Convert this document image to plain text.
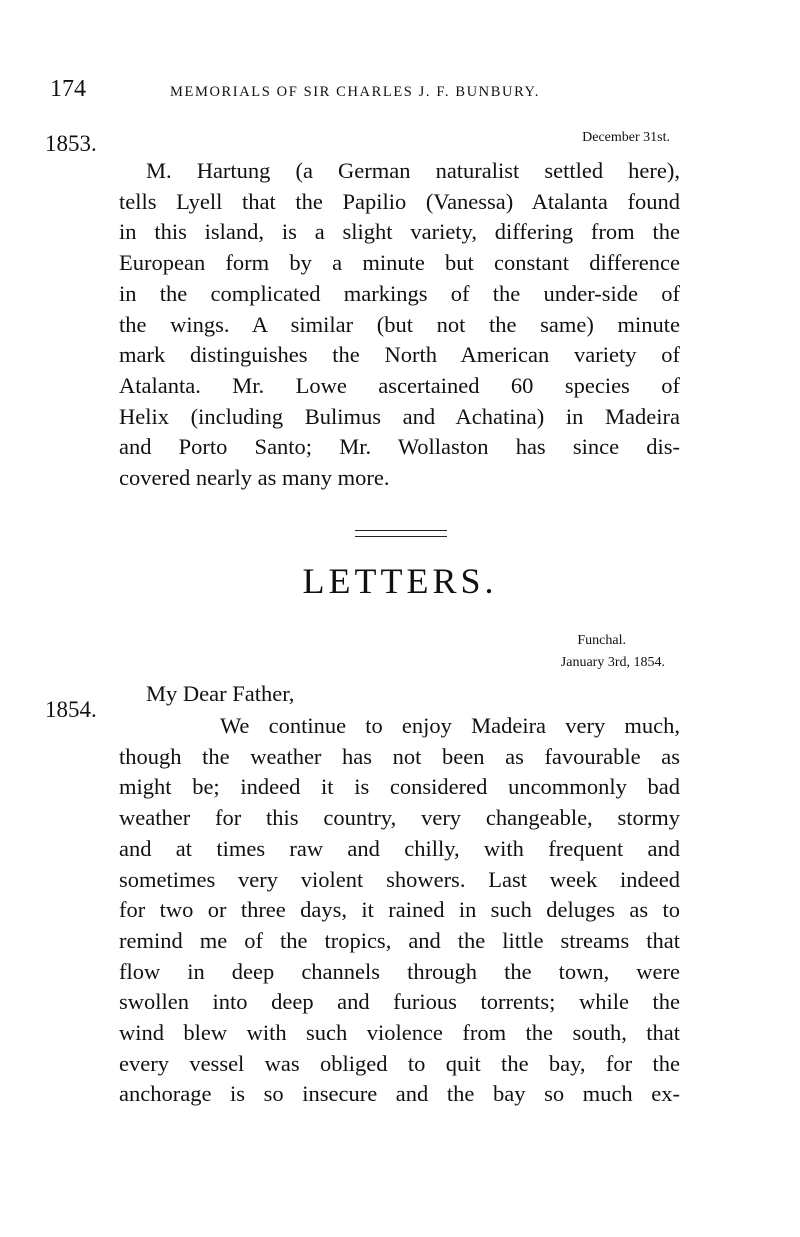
174	MEMORIALS OF SIR CHARLES J. F. BUNBURY.
1853.	December 31st.
M. Hartung (a German naturalist settled here),
tells Lyell that the Papilio (Vanessa) Atalanta found
in this island, is a slight variety, differing from the
European form by a minute but constant difference
in the complicated markings of the under-side of
the wings. A similar (but not the same) minute
mark distinguishes the North American variety of
Atalanta. Mr. Lowe ascertained 60 species of
Helix (including Bulimus and Achatina) in Madeira
and Porto Santo; Mr. Wollaston has since dis-
covered nearly as many more.
LETTERS.
Funchal.
January 3rd, 1854.
1854.
My Dear Father,
We continue to enjoy Madeira very much,
though the weather has not been as favourable as
might be; indeed it is considered uncommonly bad
weather for this country, very changeable, stormy
and at times raw and chilly, with frequent and
sometimes very violent showers. Last week indeed
for two or three days, it rained in such deluges as to
remind me of the tropics, and the little streams that
flow in deep channels through the town, were
swollen into deep and furious torrents; while the
wind blew with such violence from the south, that
every vessel was obliged to quit the bay, for the
anchorage is so insecure and the bay so much ex-
